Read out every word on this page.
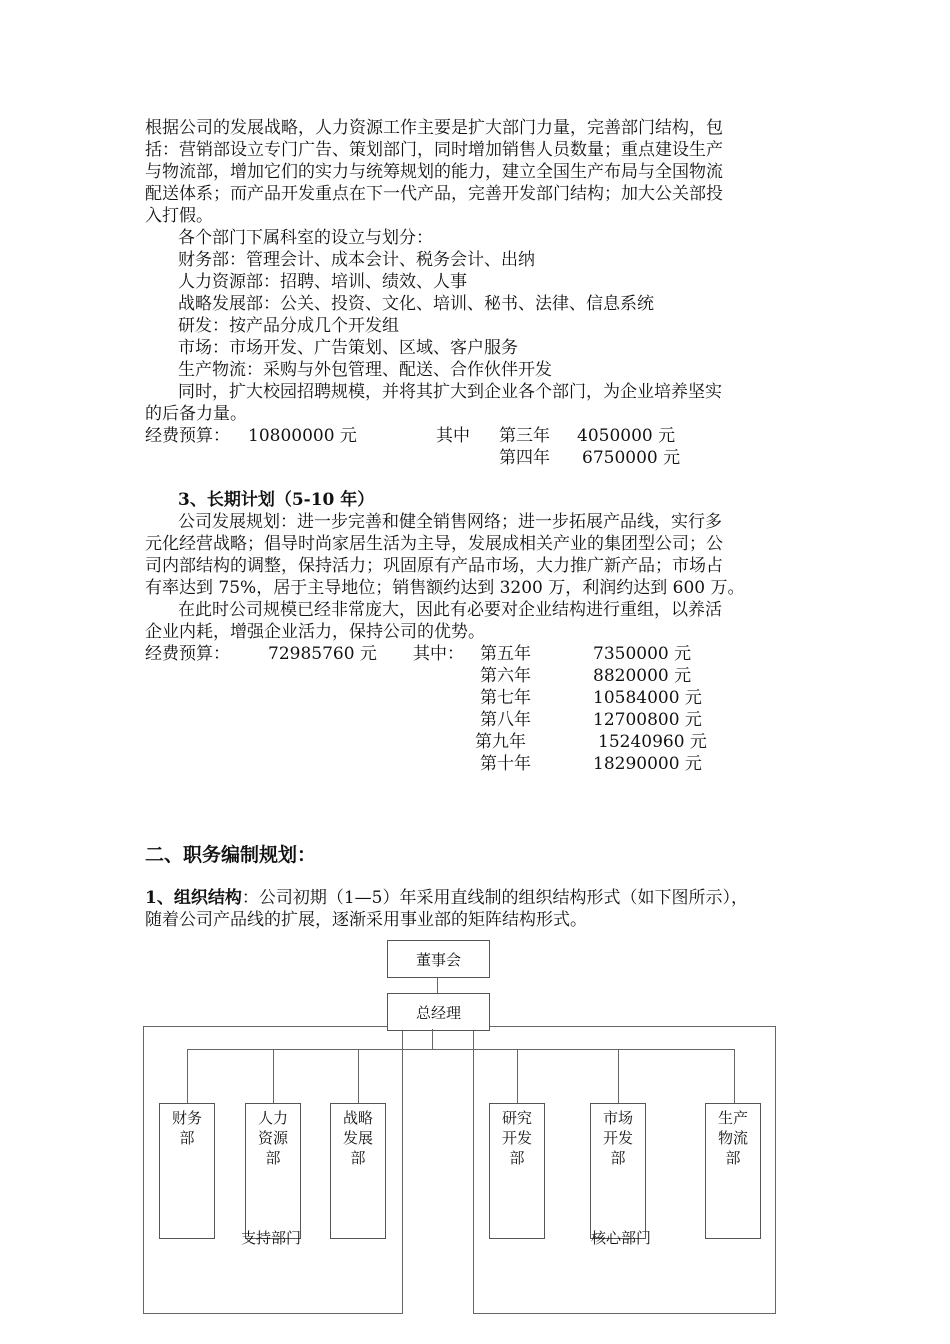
根据公司的发展战略，人力资源工作主要是扩大部门力量，完善部门结构，包
括：营销部设立专门广告、策划部门，同时增加销售人员数量；重点建设生产
与物流部，增加它们的实力与统筹规划的能力，建立全国生产布局与全国物流
配送体系；而产品开发重点在下一代产品，完善开发部门结构；加大公关部投
入打假。
各个部门下属科室的设立与划分：
财务部：管理会计、成本会计、税务会计、出纳
人力资源部：招聘、培训、绩效、人事
战略发展部：公关、投资、文化、培训、秘书、法律、信息系统
研发：按产品分成几个开发组
市场：市场开发、广告策划、区域、客户服务
生产物流：采购与外包管理、配送、合作伙伴开发
同时，扩大校园招聘规模，并将其扩大到企业各个部门，为企业培养坚实
的后备力量。
经费预算： 10800000 元	其中 第三年 4050000 元
第四年 6750000 元
3、长期计划（5-10 年）
公司发展规划：进一步完善和健全销售网络；进一步拓展产品线，实行多
元化经营战略；倡导时尚家居生活为主导，发展成相关产业的集团型公司；公
司内部结构的调整，保持活力；巩固原有产品市场，大力推广新产品；市场占
有率达到 75%，居于主导地位；销售额约达到 3200 万，利润约达到 600 万。
在此时公司规模已经非常庞大，因此有必要对企业结构进行重组，以养活
企业内耗，增强企业活力，保持公司的优势。
经费预算： 72985760 元 其中： 第五年	7350000 元
第六年	8820000 元
第七年	10584000 元
第八年	12700800 元
第九年	15240960 元
第十年	18290000 元
二、职务编制规划：
1、组织结构：公司初期（1—5）年采用直线制的组织结构形式（如下图所示），
随着公司产品线的扩展，逐渐采用事业部的矩阵结构形式。
董事会
总经理
财务
部
人力
资源
部
战略
发展
部
研究
开发
部
市场
开发
部
生产
物流
部
支持部门	核心部门
